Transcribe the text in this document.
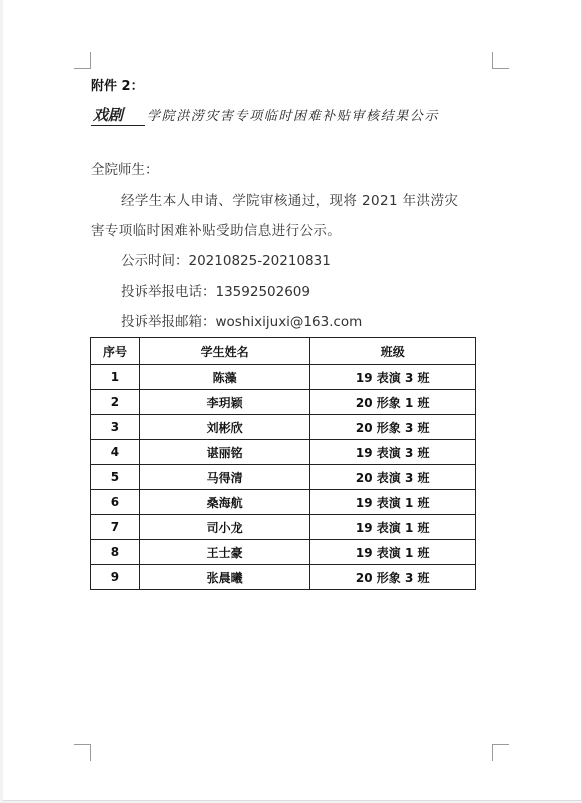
附件 2：
戏剧 学院洪涝灾害专项临时困难补贴审核结果公示
全院师生：
经学生本人申请、学院审核通过，现将 2021 年洪涝灾
害专项临时困难补贴受助信息进行公示。
公示时间：20210825-20210831
投诉举报电话：13592502609
投诉举报邮箱：woshixijuxi@163.com
序号	学生姓名	班级
1	陈藻	19 表演 3 班
2	李玥颖	20 形象 1 班
3	刘彬欣	20 形象 3 班
4	谌丽铭	19 表演 3 班
5	马得清	20 表演 3 班
6	桑海航	19 表演 1 班
7	司小龙	19 表演 1 班
8	王士豪	19 表演 1 班
9	张晨曦	20 形象 3 班
